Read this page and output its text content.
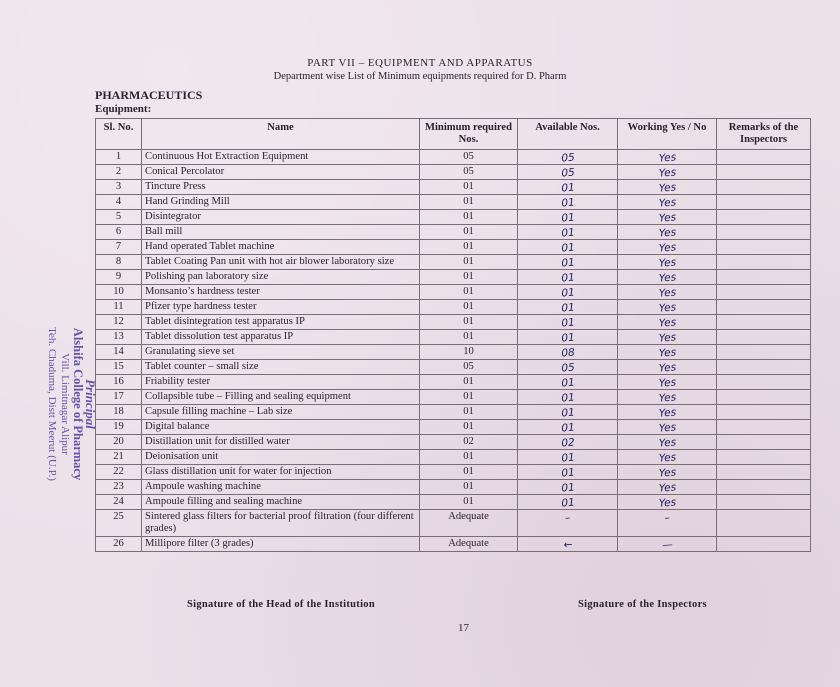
PART VII – EQUIPMENT AND APPARATUS
Department wise List of Minimum equipments required for D. Pharm
PHARMACEUTICS
Equipment:
Sl. No.	Name	Minimum required Nos.	Available Nos.	Working Yes / No	Remarks of the Inspectors
1	Continuous Hot Extraction Equipment	05	05	Yes	
2	Conical Percolator	05	05	Yes	
3	Tincture Press	01	01	Yes	
4	Hand Grinding Mill	01	01	Yes	
5	Disintegrator	01	01	Yes	
6	Ball mill	01	01	Yes	
7	Hand operated Tablet machine	01	01	Yes	
8	Tablet Coating Pan unit with hot air blower laboratory size	01	01	Yes	
9	Polishing pan laboratory size	01	01	Yes	
10	Monsanto’s hardness tester	01	01	Yes	
11	Pfizer type hardness tester	01	01	Yes	
12	Tablet disintegration test apparatus IP	01	01	Yes	
13	Tablet dissolution test apparatus IP	01	01	Yes	
14	Granulating sieve set	10	08	Yes	
15	Tablet counter – small size	05	05	Yes	
16	Friability tester	01	01	Yes	
17	Collapsible tube – Filling and sealing equipment	01	01	Yes	
18	Capsule filling machine – Lab size	01	01	Yes	
19	Digital balance	01	01	Yes	
20	Distillation unit for distilled water	02	02	Yes	
21	Deionisation unit	01	01	Yes	
22	Glass distillation unit for water for injection	01	01	Yes	
23	Ampoule washing machine	01	01	Yes	
24	Ampoule filling and sealing machine	01	01	Yes	
25	Sintered glass filters for bacterial proof filtration (four different grades)	Adequate	–	–	
26	Millipore filter (3 grades)	Adequate	←	—	
Principal
Alshifa College of Pharmacy
Vill. Limitnagar Alipur
Teh. Chaduma, Distt Meerut (U.P.)
Signature of the Head of the Institution	Signature of the Inspectors
17
